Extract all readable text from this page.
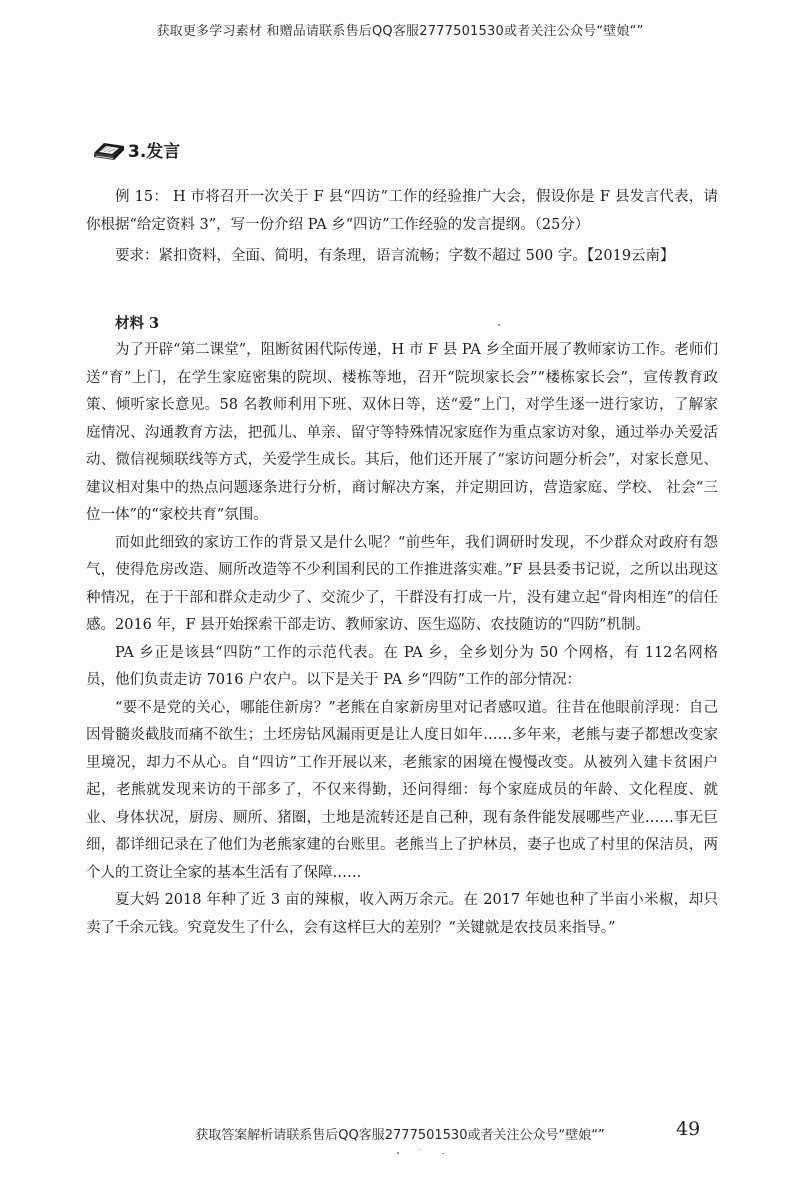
获取更多学习素材 和赠品请联系售后QQ客服2777501530或者关注公众号“壁娘“”
3.发言

例 15： H 市将召开一次关于 F 县“四访”工作的经验推广大会，假设你是 F 县发言代表，请你根据“给定资料 3”，写一份介绍 PA 乡“四访”工作经验的发言提纲。（25分）

要求：紧扣资料，全面、简明，有条理，语言流畅；字数不超过 500 字。【2019云南】

材料 3

为了开辟“第二课堂”，阻断贫困代际传递，H 市 F 县 PA 乡全面开展了教师家访工作。老师们送“育”上门，在学生家庭密集的院坝、楼栋等地，召开“院坝家长会”“楼栋家长会”，宣传教育政策、倾听家长意见。58 名教师利用下班、双休日等，送“爱”上门，对学生逐一进行家访，了解家庭情况、沟通教育方法，把孤儿、单亲、留守等特殊情况家庭作为重点家访对象，通过举办关爱活动、微信视频联线等方式，关爱学生成长。其后，他们还开展了“家访问题分析会”，对家长意见、建议相对集中的热点问题逐条进行分析，商讨解决方案，并定期回访，营造家庭、学校、 社会“三位一体”的“家校共育”氛围。

而如此细致的家访工作的背景又是什么呢？“前些年，我们调研时发现，不少群众对政府有怨气，使得危房改造、厕所改造等不少利国利民的工作推进落实难。”F 县县委书记说，之所以出现这种情况，在于干部和群众走动少了、交流少了，干群没有打成一片，没有建立起“骨肉相连”的信任感。2016 年，F 县开始探索干部走访、教师家访、医生巡防、农技随访的“四防”机制。

PA 乡正是该县“四防”工作的示范代表。在 PA 乡，全乡划分为 50 个网格，有 112名网格员，他们负责走访 7016 户农户。以下是关于 PA 乡“四防”工作的部分情况：

“要不是党的关心，哪能住新房？”老熊在自家新房里对记者感叹道。往昔在他眼前浮现：自己因骨髓炎截肢而痛不欲生；土坯房钻风漏雨更是让人度日如年……多年来，老熊与妻子都想改变家里境况，却力不从心。自“四访”工作开展以来，老熊家的困境在慢慢改变。从被列入建卡贫困户起，老熊就发现来访的干部多了，不仅来得勤，还问得细：每个家庭成员的年龄、文化程度、就业、身体状况，厨房、厕所、猪圈，土地是流转还是自己种，现有条件能发展哪些产业……事无巨细，都详细记录在了他们为老熊家建的台账里。老熊当上了护林员，妻子也成了村里的保洁员，两个人的工资让全家的基本生活有了保障……

夏大妈 2018 年种了近 3 亩的辣椒，收入两万余元。在 2017 年她也种了半亩小米椒，却只卖了千余元钱。究竟发生了什么，会有这样巨大的差别？“关键就是农技员来指导。”

获取答案解析请联系售后QQ客服2777501530或者关注公众号“壁娘“”	49
